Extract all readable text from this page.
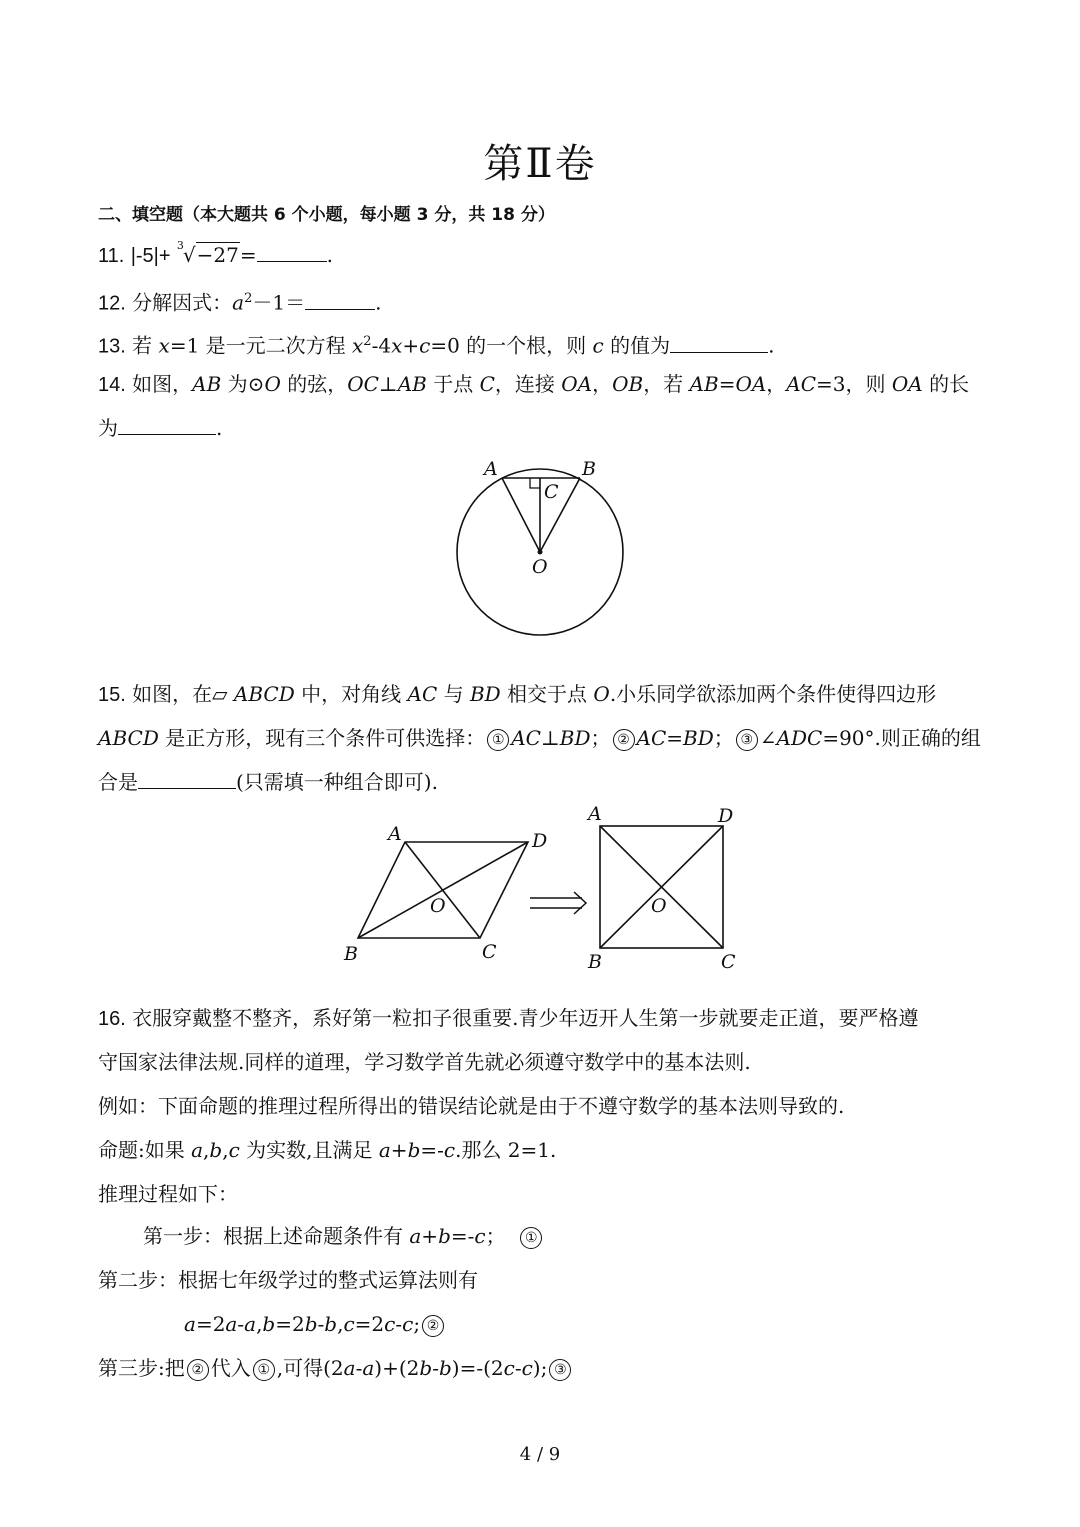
第Ⅱ卷
二、填空题（本大题共 6 个小题，每小题 3 分，共 18 分）
11. |-5|+ 3 √−27=	.
12. 分解因式：$a^2-1=$	.
13. 若 x=1 是一元二次方程 $x^2-4x+c=0$ 的一个根，则 c 的值为	.
14. 如图，AB 为⊙O 的弦，OC⊥AB 于点 C，连接 OA，OB，若 AB=OA，AC=3，则 OA 的长
为	.
A	B
C
O
15. 如图，在▱ ABCD 中，对角线 AC 与 BD 相交于点 O.小乐同学欲添加两个条件使得四边形
ABCD 是正方形，现有三个条件可供选择： ① AC⊥BD； ② AC=BD； ③ ∠ADC=90°.则正确的组
合是	(只需填一种组合即可).
A	D
B	C
O
A	D
B	C
O
16. 衣服穿戴整不整齐，系好第一粒扣子很重要.青少年迈开人生第一步就要走正道，要严格遵
守国家法律法规.同样的道理，学习数学首先就必须遵守数学中的基本法则.
例如：下面命题的推理过程所得出的错误结论就是由于不遵守数学的基本法则导致的.
命题:如果 a,b,c 为实数,且满足 a+b=-c.那么 2=1.
推理过程如下：
第一步：根据上述命题条件有 a+b=-c； ①
第二步：根据七年级学过的整式运算法则有
a=2a-a,b=2b-b,c=2c-c; ②
第三步:把 ② 代入 ① ,可得(2a-a)+(2b-b)=-(2c-c); ③
4 / 9
